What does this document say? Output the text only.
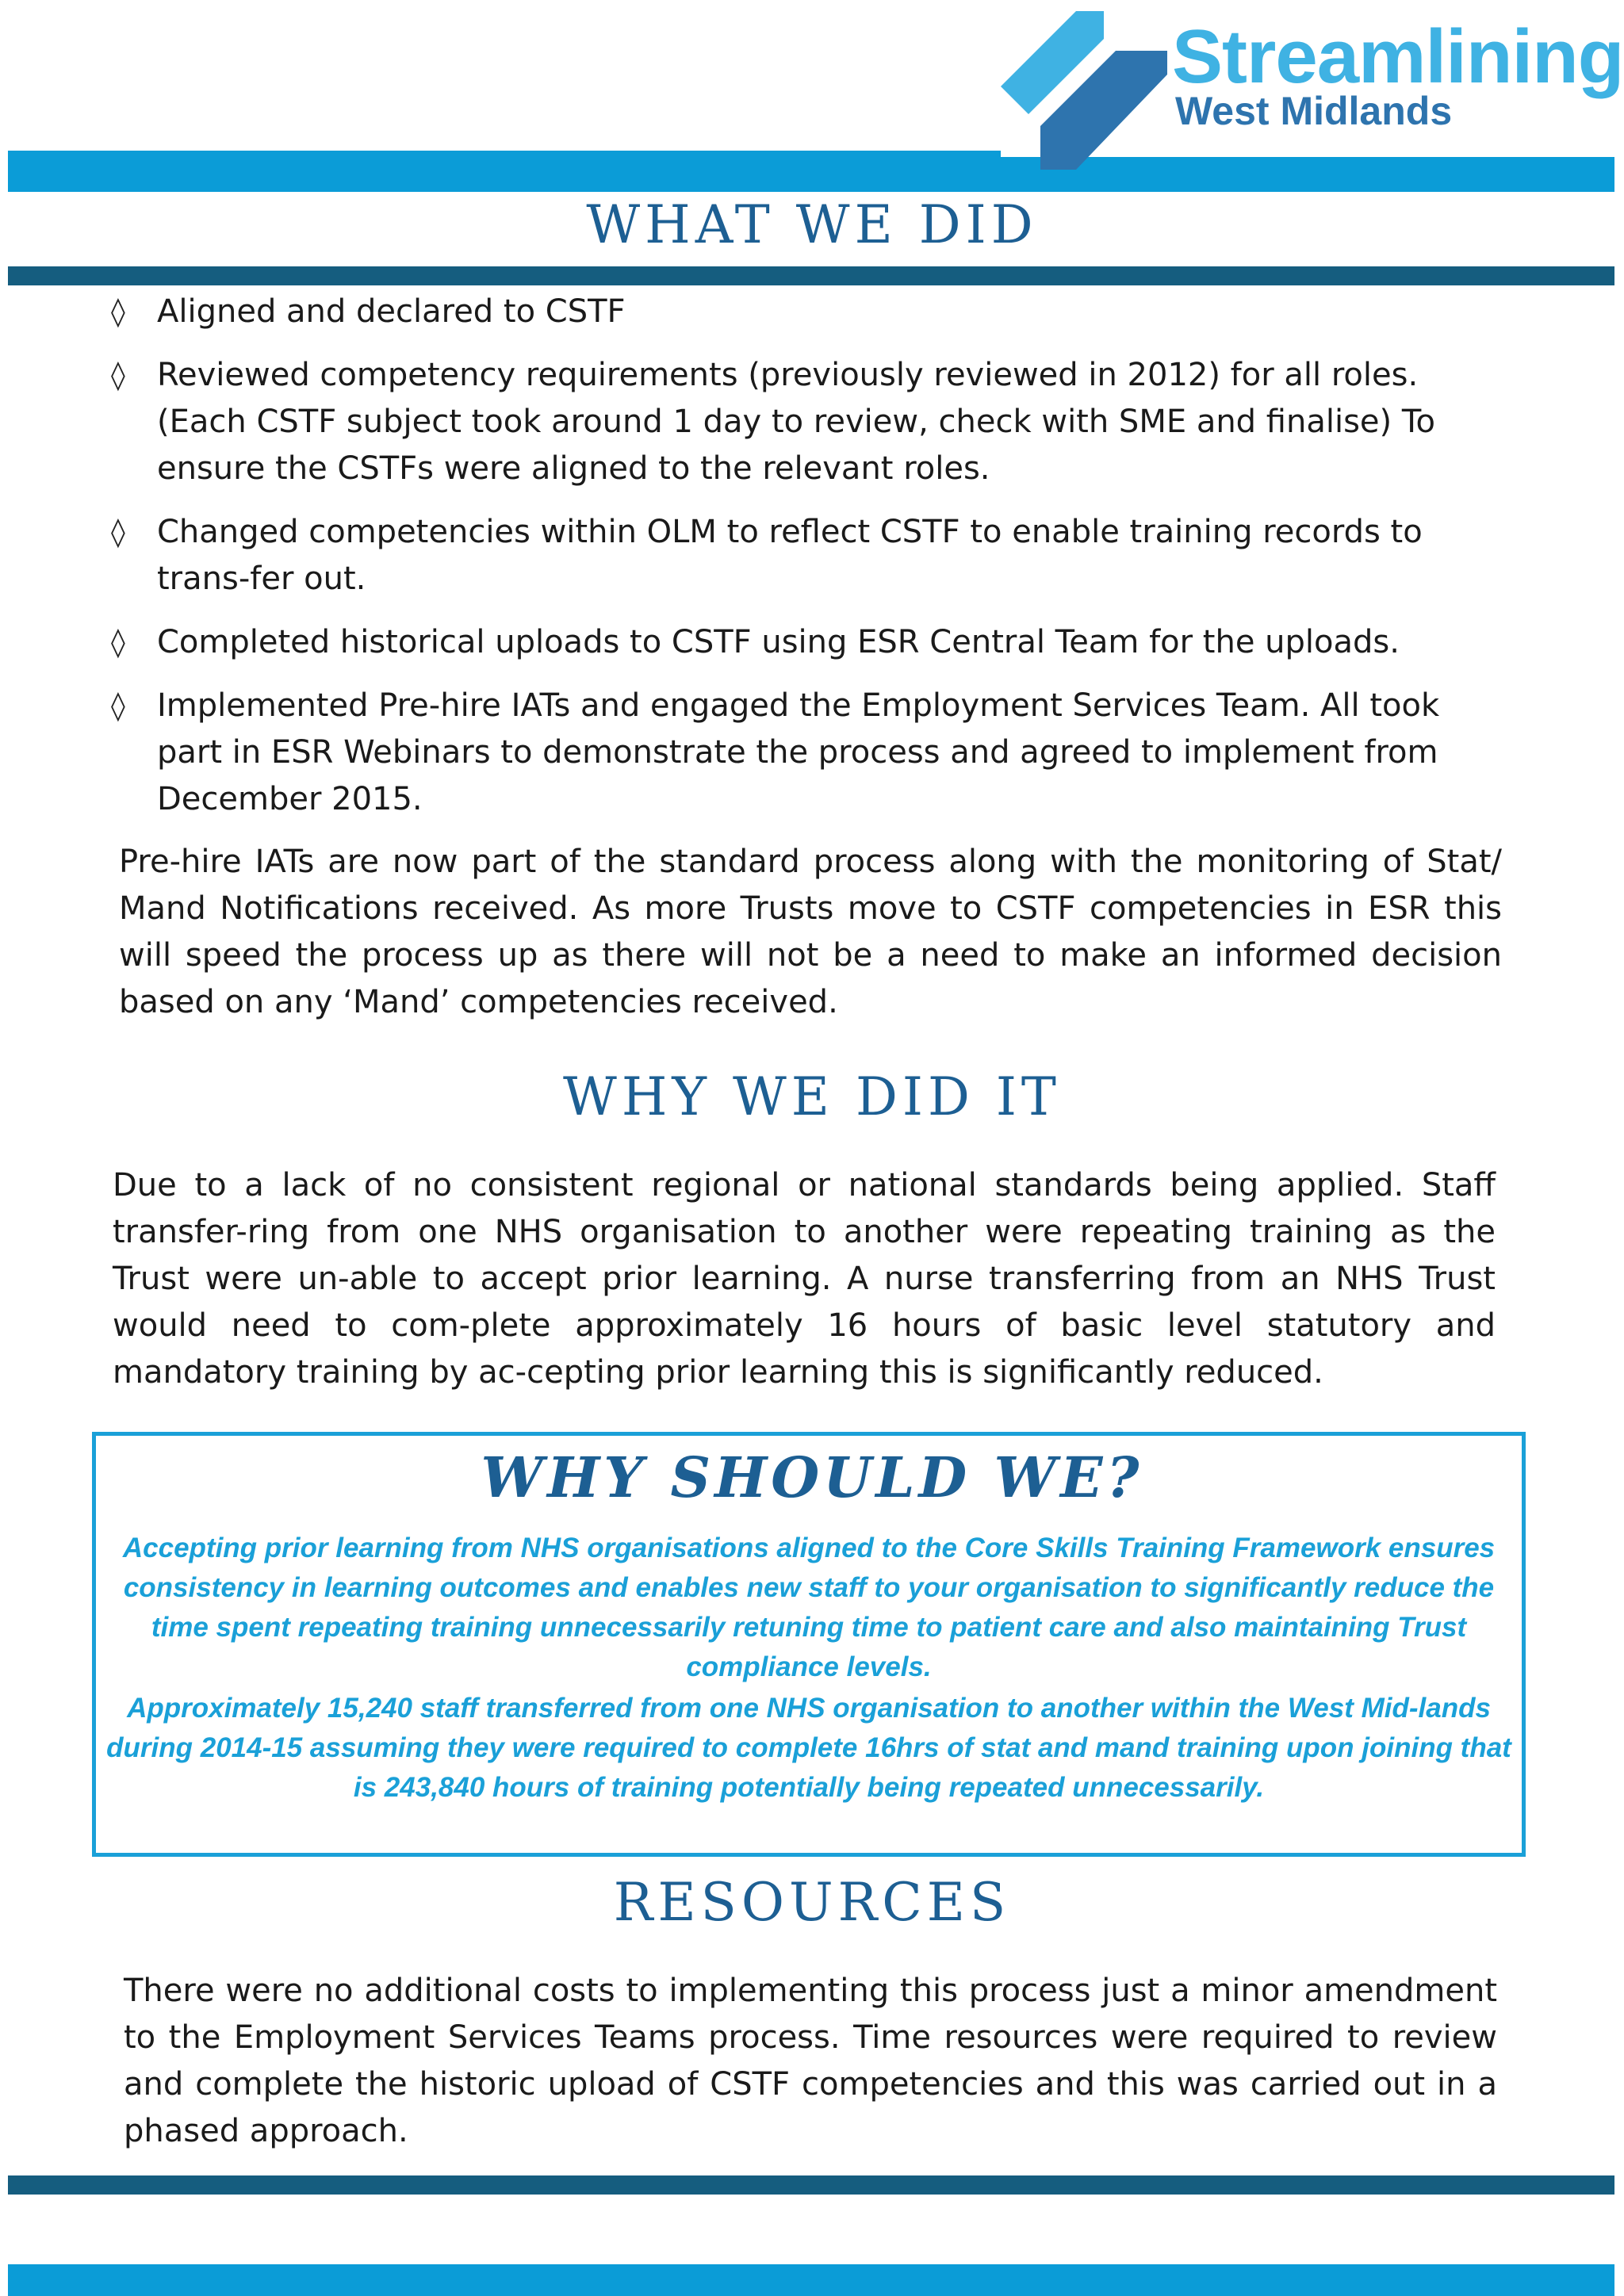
Streamlining
West Midlands
WHAT WE DID
◊	Aligned and declared to CSTF
◊	Reviewed competency requirements (previously reviewed in 2012) for all roles. (Each CSTF subject took around 1 day to review, check with SME and finalise) To ensure the CSTFs were aligned to the relevant roles.
◊	Changed competencies within OLM to reflect CSTF to enable training records to trans-fer out.
◊	Completed historical uploads to CSTF using ESR Central Team for the uploads.
◊	Implemented Pre-hire IATs and engaged the Employment Services Team. All took part in ESR Webinars to demonstrate the process and agreed to implement from December 2015.

Pre-hire IATs are now part of the standard process along with the monitoring of Stat/ Mand Notifications received. As more Trusts move to CSTF competencies in ESR this will speed the process up as there will not be a need to make an informed decision based on any ‘Mand’ competencies received.

WHY WE DID IT

Due to a lack of no consistent regional or national standards being applied. Staff transfer-ring from one NHS organisation to another were repeating training as the Trust were un-able to accept prior learning. A nurse transferring from an NHS Trust would need to com-plete approximately 16 hours of basic level statutory and mandatory training by ac-cepting prior learning this is significantly reduced.

WHY SHOULD WE?

Accepting prior learning from NHS organisations aligned to the Core Skills Training Framework ensures consistency in learning outcomes and enables new staff to your organisation to significantly reduce the time spent repeating training unnecessarily retuning time to patient care and also maintaining Trust compliance levels.

Approximately 15,240 staff transferred from one NHS organisation to another within the West Mid-lands during 2014-15 assuming they were required to complete 16hrs of stat and mand training upon joining that is 243,840 hours of training potentially being repeated unnecessarily.

RESOURCES

There were no additional costs to implementing this process just a minor amendment to the Employment Services Teams process. Time resources were required to review and complete the historic upload of CSTF competencies and this was carried out in a phased approach.
